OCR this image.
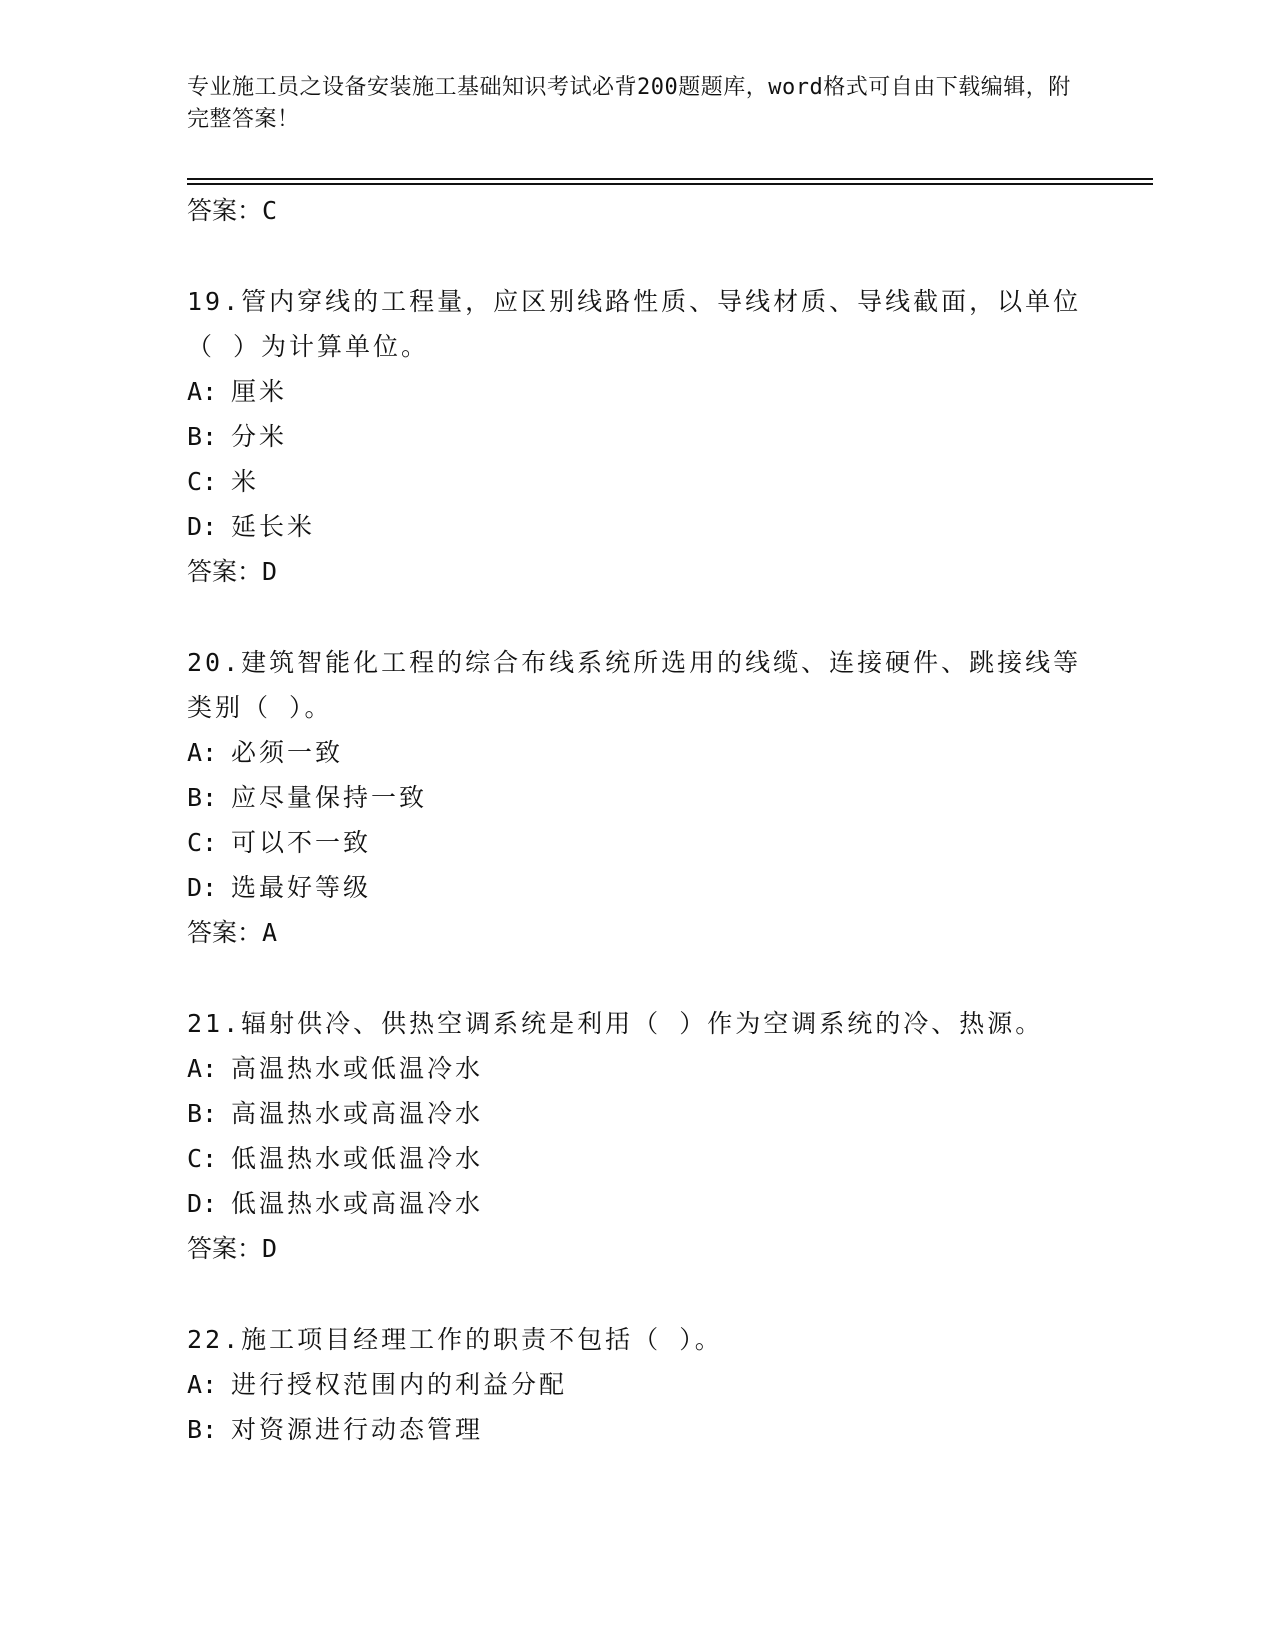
专业施工员之设备安装施工基础知识考试必背200题题库，word格式可自由下载编辑，附完整答案！
答案：C
19.管内穿线的工程量，应区别线路性质、导线材质、导线截面，以单位（ ）为计算单位。
A: 厘米
B: 分米
C: 米
D: 延长米
答案：D
20.建筑智能化工程的综合布线系统所选用的线缆、连接硬件、跳接线等类别（ ）。
A: 必须一致
B: 应尽量保持一致
C: 可以不一致
D: 选最好等级
答案：A
21.辐射供冷、供热空调系统是利用（ ）作为空调系统的冷、热源。
A: 高温热水或低温冷水
B: 高温热水或高温冷水
C: 低温热水或低温冷水
D: 低温热水或高温冷水
答案：D
22.施工项目经理工作的职责不包括（ ）。
A: 进行授权范围内的利益分配
B: 对资源进行动态管理
